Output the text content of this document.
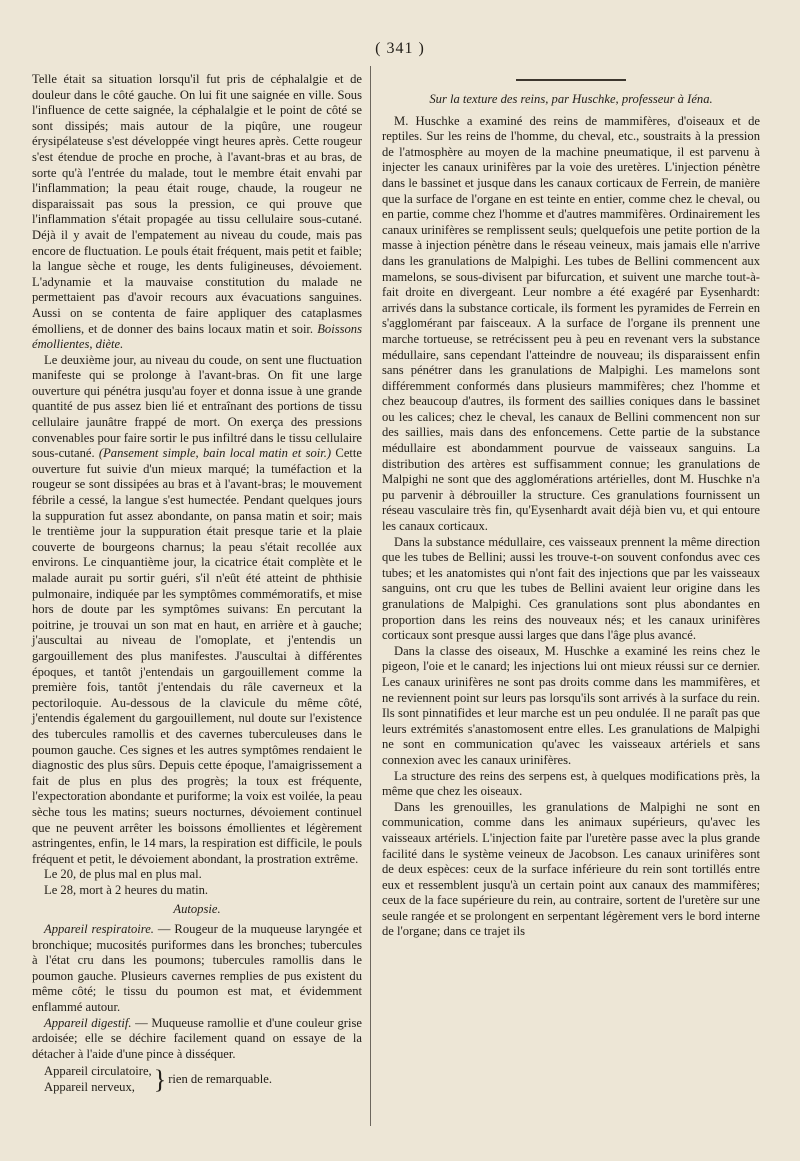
( 341 )

Telle était sa situation lorsqu'il fut pris de céphalalgie et de douleur dans le côté gauche. On lui fit une saignée en ville. Sous l'influence de cette saignée, la céphalalgie et le point de côté se sont dissipés; mais autour de la piqûre, une rougeur érysipélateuse s'est développée vingt heures après. Cette rougeur s'est étendue de proche en proche, à l'avant-bras et au bras, de sorte qu'à l'entrée du malade, tout le membre était envahi par l'inflammation; la peau était rouge, chaude, la rougeur ne disparaissait pas sous la pression, ce qui prouve que l'inflammation s'était propagée au tissu cellulaire sous-cutané. Déjà il y avait de l'empatement au niveau du coude, mais pas encore de fluctuation. Le pouls était fréquent, mais petit et faible; la langue sèche et rouge, les dents fuligineuses, dévoiement. L'adynamie et la mauvaise constitution du malade ne permettaient pas d'avoir recours aux évacuations sanguines. Aussi on se contenta de faire appliquer des cataplasmes émolliens, et de donner des bains locaux matin et soir. Boissons émollientes, diète.

Le deuxième jour, au niveau du coude, on sent une fluctuation manifeste qui se prolonge à l'avant-bras. On fit une large ouverture qui pénétra jusqu'au foyer et donna issue à une grande quantité de pus assez bien lié et entraînant des portions de tissu cellulaire jaunâtre frappé de mort. On exerça des pressions convenables pour faire sortir le pus infiltré dans le tissu cellulaire sous-cutané. (Pansement simple, bain local matin et soir.) Cette ouverture fut suivie d'un mieux marqué; la tuméfaction et la rougeur se sont dissipées au bras et à l'avant-bras; le mouvement fébrile a cessé, la langue s'est humectée. Pendant quelques jours la suppuration fut assez abondante, on pansa matin et soir; mais le trentième jour la suppuration était presque tarie et la plaie couverte de bourgeons charnus; la peau s'était recollée aux environs. Le cinquantième jour, la cicatrice était complète et le malade aurait pu sortir guéri, s'il n'eût été atteint de phthisie pulmonaire, indiquée par les symptômes commémoratifs, et mise hors de doute par les symptômes suivans: En percutant la poitrine, je trouvai un son mat en haut, en arrière et à gauche; j'auscultai au niveau de l'omoplate, et j'entendis un gargouillement des plus manifestes. J'auscultai à différentes époques, et tantôt j'entendais un gargouillement comme la première fois, tantôt j'entendais du râle caverneux et la pectoriloquie. Au-dessous de la clavicule du même côté, j'entendis également du gargouillement, nul doute sur l'existence des tubercules ramollis et des cavernes tuberculeuses dans le poumon gauche. Ces signes et les autres symptômes rendaient le diagnostic des plus sûrs. Depuis cette époque, l'amaigrissement a fait de plus en plus des progrès; la toux est fréquente, l'expectoration abondante et puriforme; la voix est voilée, la peau sèche tous les matins; sueurs nocturnes, dévoiement continuel que ne peuvent arrêter les boissons émollientes et légèrement astringentes, enfin, le 14 mars, la respiration est difficile, le pouls fréquent et petit, le dévoiement abondant, la prostration extrême.

Le 20, de plus mal en plus mal.

Le 28, mort à 2 heures du matin.

Autopsie.

Appareil respiratoire. — Rougeur de la muqueuse laryngée et bronchique; mucosités puriformes dans les bronches; tubercules à l'état cru dans les poumons; tubercules ramollis dans le poumon gauche. Plusieurs cavernes remplies de pus existent du même côté; le tissu du poumon est mat, et évidemment enflammé autour.

Appareil digestif. — Muqueuse ramollie et d'une couleur grise ardoisée; elle se déchire facilement quand on essaye de la détacher à l'aide d'une pince à disséquer.

Appareil circulatoire,
Appareil nerveux, } rien de remarquable.

Sur la texture des reins, par Huschke, professeur à Iéna.

M. Huschke a examiné des reins de mammifères, d'oiseaux et de reptiles. Sur les reins de l'homme, du cheval, etc., soustraits à la pression de l'atmosphère au moyen de la machine pneumatique, il est parvenu à injecter les canaux urinifères par la voie des uretères. L'injection pénètre dans le bassinet et jusque dans les canaux corticaux de Ferrein, de manière que la surface de l'organe en est teinte en entier, comme chez le cheval, ou en partie, comme chez l'homme et d'autres mammifères. Ordinairement les canaux urinifères se remplissent seuls; quelquefois une petite portion de la masse à injection pénètre dans le réseau veineux, mais jamais elle n'arrive dans les granulations de Malpighi. Les tubes de Bellini commencent aux mamelons, se sous-divisent par bifurcation, et suivent une marche tout-à-fait droite en divergeant. Leur nombre a été exagéré par Eysenhardt: arrivés dans la substance corticale, ils forment les pyramides de Ferrein en s'agglomérant par faisceaux. A la surface de l'organe ils prennent une marche tortueuse, se retrécissent peu à peu en revenant vers la substance médullaire, sans cependant l'atteindre de nouveau; ils disparaissent enfin sans pénétrer dans les granulations de Malpighi. Les mamelons sont différemment conformés dans plusieurs mammifères; chez l'homme et chez beaucoup d'autres, ils forment des saillies coniques dans le bassinet ou les calices; chez le cheval, les canaux de Bellini commencent non sur des saillies, mais dans des enfoncemens. Cette partie de la substance médullaire est abondamment pourvue de vaisseaux sanguins. La distribution des artères est suffisamment connue; les granulations de Malpighi ne sont que des agglomérations artérielles, dont M. Huschke n'a pu parvenir à débrouiller la structure. Ces granulations fournissent un réseau vasculaire très fin, qu'Eysenhardt avait déjà bien vu, et qui entoure les canaux corticaux.

Dans la substance médullaire, ces vaisseaux prennent la même direction que les tubes de Bellini; aussi les trouve-t-on souvent confondus avec ces tubes; et les anatomistes qui n'ont fait des injections que par les vaisseaux sanguins, ont cru que les tubes de Bellini avaient leur origine dans les granulations de Malpighi. Ces granulations sont plus abondantes en proportion dans les reins des nouveaux nés; et les canaux urinifères corticaux sont presque aussi larges que dans l'âge plus avancé.

Dans la classe des oiseaux, M. Huschke a examiné les reins chez le pigeon, l'oie et le canard; les injections lui ont mieux réussi sur ce dernier. Les canaux urinifères ne sont pas droits comme dans les mammifères, et ne reviennent point sur leurs pas lorsqu'ils sont arrivés à la surface du rein. Ils sont pinnatifides et leur marche est un peu ondulée. Il ne paraît pas que leurs extrémités s'anastomosent entre elles. Les granulations de Malpighi ne sont en communication qu'avec les vaisseaux artériels et sans connexion avec les canaux urinifères.

La structure des reins des serpens est, à quelques modifications près, la même que chez les oiseaux.

Dans les grenouilles, les granulations de Malpighi ne sont en communication, comme dans les animaux supérieurs, qu'avec les vaisseaux artériels. L'injection faite par l'uretère passe avec la plus grande facilité dans le système veineux de Jacobson. Les canaux urinifères sont de deux espèces: ceux de la surface inférieure du rein sont tortillés entre eux et ressemblent jusqu'à un certain point aux canaux des mammifères; ceux de la face supérieure du rein, au contraire, sortent de l'uretère sur une seule rangée et se prolongent en serpentant légèrement vers le bord interne de l'organe; dans ce trajet ils
